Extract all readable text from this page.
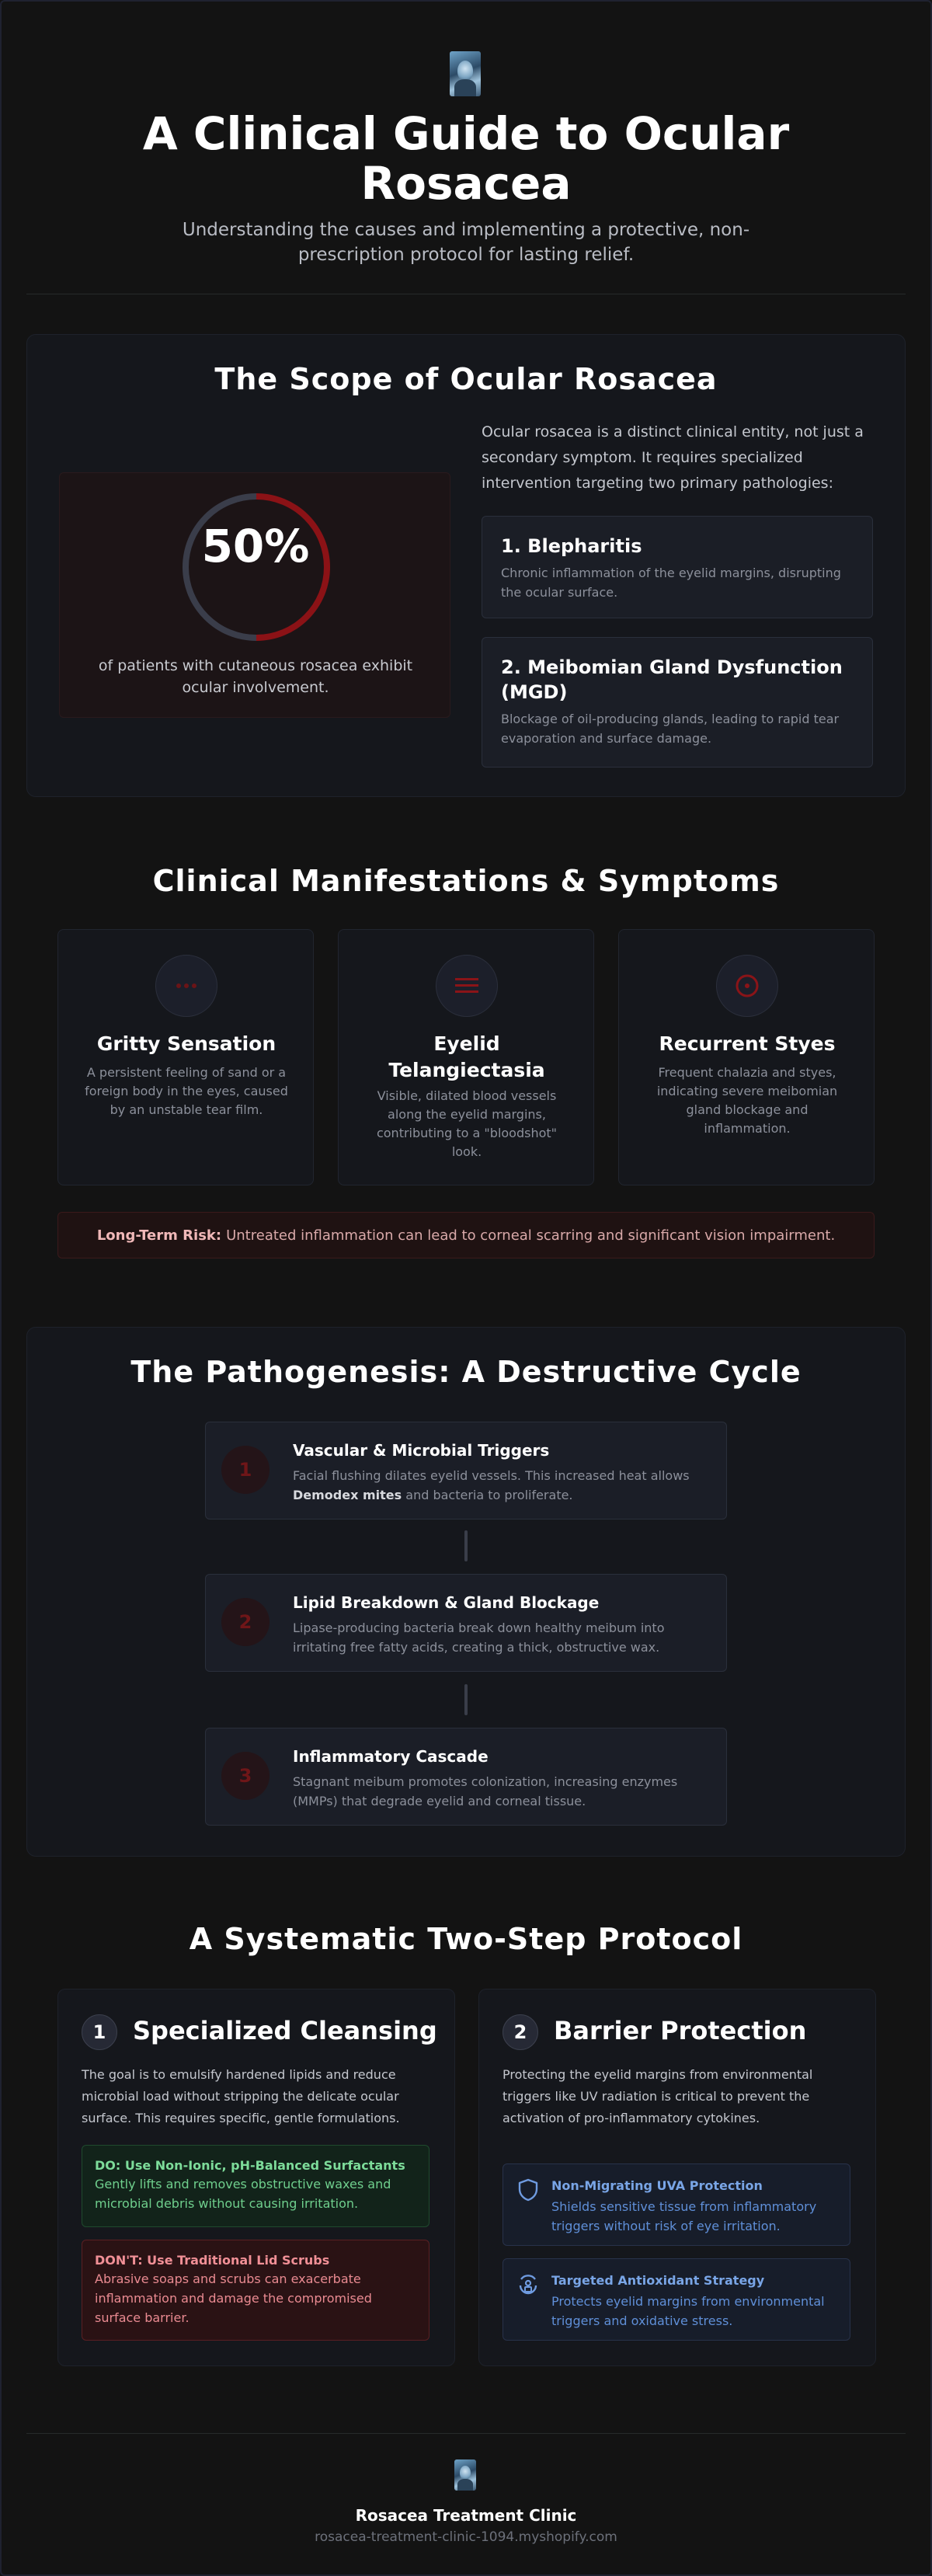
A Clinical Guide to Ocular Rosacea

Understanding the causes and implementing a protective, non-prescription protocol for lasting relief.

The Scope of Ocular Rosacea
50%
of patients with cutaneous rosacea exhibit ocular involvement.

Ocular rosacea is a distinct clinical entity, not just a secondary symptom. It requires specialized intervention targeting two primary pathologies:

1. Blepharitis

Chronic inflammation of the eyelid margins, disrupting the ocular surface.

2. Meibomian Gland Dysfunction (MGD)

Blockage of oil-producing glands, leading to rapid tear evaporation and surface damage.

Clinical Manifestations & Symptoms
Gritty Sensation
A persistent feeling of sand or a foreign body in the eyes, caused by an unstable tear film.
Eyelid Telangiectasia
Visible, dilated blood vessels along the eyelid margins, contributing to a "bloodshot" look.
Recurrent Styes
Frequent chalazia and styes, indicating severe meibomian gland blockage and inflammation.
Long-Term Risk: Untreated inflammation can lead to corneal scarring and significant vision impairment.
The Pathogenesis: A Destructive Cycle
1
Vascular & Microbial Triggers

Facial flushing dilates eyelid vessels. This increased heat allows Demodex mites and bacteria to proliferate.

2
Lipid Breakdown & Gland Blockage

Lipase-producing bacteria break down healthy meibum into irritating free fatty acids, creating a thick, obstructive wax.

3
Inflammatory Cascade

Stagnant meibum promotes colonization, increasing enzymes (MMPs) that degrade eyelid and corneal tissue.

A Systematic Two-Step Protocol
1	Specialized Cleansing

The goal is to emulsify hardened lipids and reduce microbial load without stripping the delicate ocular surface. This requires specific, gentle formulations.

DO: Use Non-Ionic, pH-Balanced Surfactants
Gently lifts and removes obstructive waxes and microbial debris without causing irritation.
DON'T: Use Traditional Lid Scrubs
Abrasive soaps and scrubs can exacerbate inflammation and damage the compromised surface barrier.
2	Barrier Protection

Protecting the eyelid margins from environmental triggers like UV radiation is critical to prevent the activation of pro-inflammatory cytokines.

Non-Migrating UVA Protection
Shields sensitive tissue from inflammatory triggers without risk of eye irritation.
Targeted Antioxidant Strategy
Protects eyelid margins from environmental triggers and oxidative stress.
Rosacea Treatment Clinic
rosacea-treatment-clinic-1094.myshopify.com
